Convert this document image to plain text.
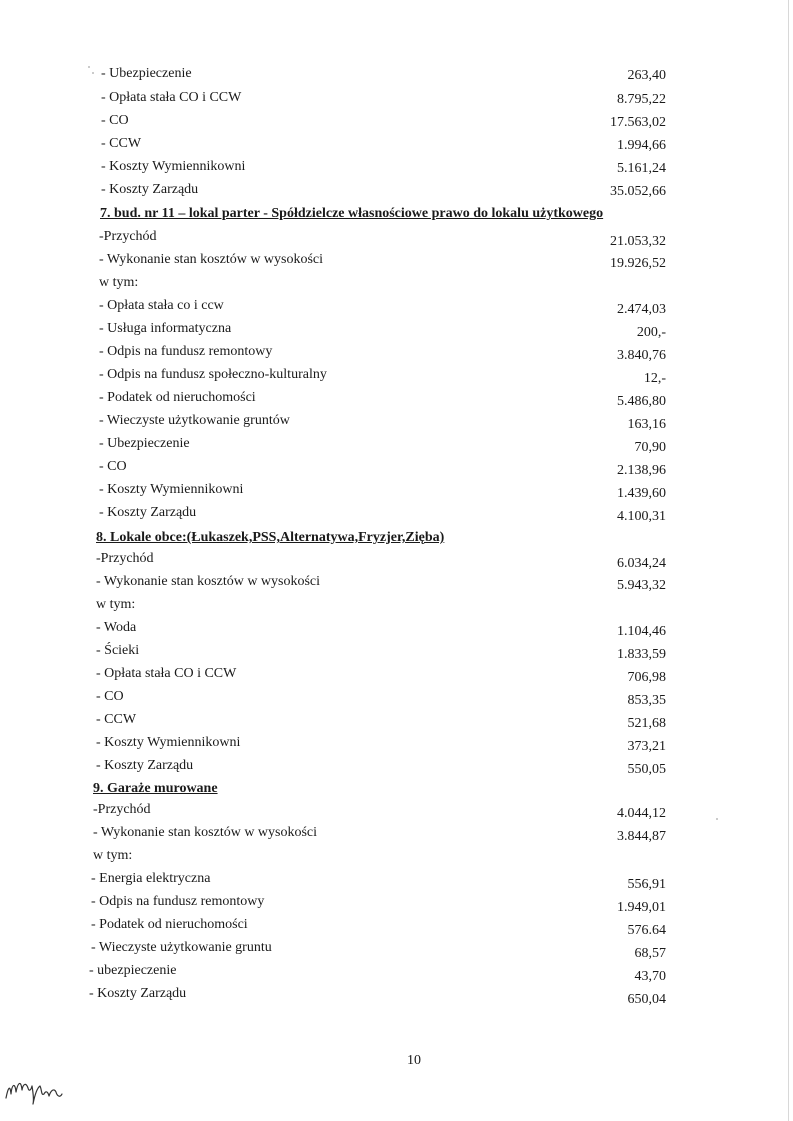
- Ubezpieczenie	263,40
- Opłata stała CO i CCW	8.795,22
- CO	17.563,02
- CCW	1.994,66
- Koszty Wymiennikowni	5.161,24
- Koszty Zarządu	35.052,66
7. bud. nr 11 – lokal parter - Spółdzielcze własnościowe prawo do lokalu użytkowego
-Przychód	21.053,32
- Wykonanie stan kosztów w wysokości	19.926,52
w tym:
- Opłata stała co i ccw	2.474,03
- Usługa informatyczna	200,-
- Odpis na fundusz remontowy	3.840,76
- Odpis na fundusz społeczno-kulturalny	12,-
- Podatek od nieruchomości	5.486,80
- Wieczyste użytkowanie gruntów	163,16
- Ubezpieczenie	70,90
- CO	2.138,96
- Koszty Wymiennikowni	1.439,60
- Koszty Zarządu	4.100,31
8. Lokale obce:(Łukaszek,PSS,Alternatywa,Fryzjer,Zięba)
-Przychód	6.034,24
- Wykonanie stan kosztów w wysokości	5.943,32
w tym:
- Woda	1.104,46
- Ścieki	1.833,59
- Opłata stała CO i CCW	706,98
- CO	853,35
- CCW	521,68
- Koszty Wymiennikowni	373,21
- Koszty Zarządu	550,05
9. Garaże murowane
-Przychód	4.044,12
- Wykonanie stan kosztów w wysokości	3.844,87
w tym:
- Energia elektryczna	556,91
- Odpis na fundusz remontowy	1.949,01
- Podatek od nieruchomości	576.64
- Wieczyste użytkowanie gruntu	68,57
- ubezpieczenie	43,70
- Koszty Zarządu	650,04
10
